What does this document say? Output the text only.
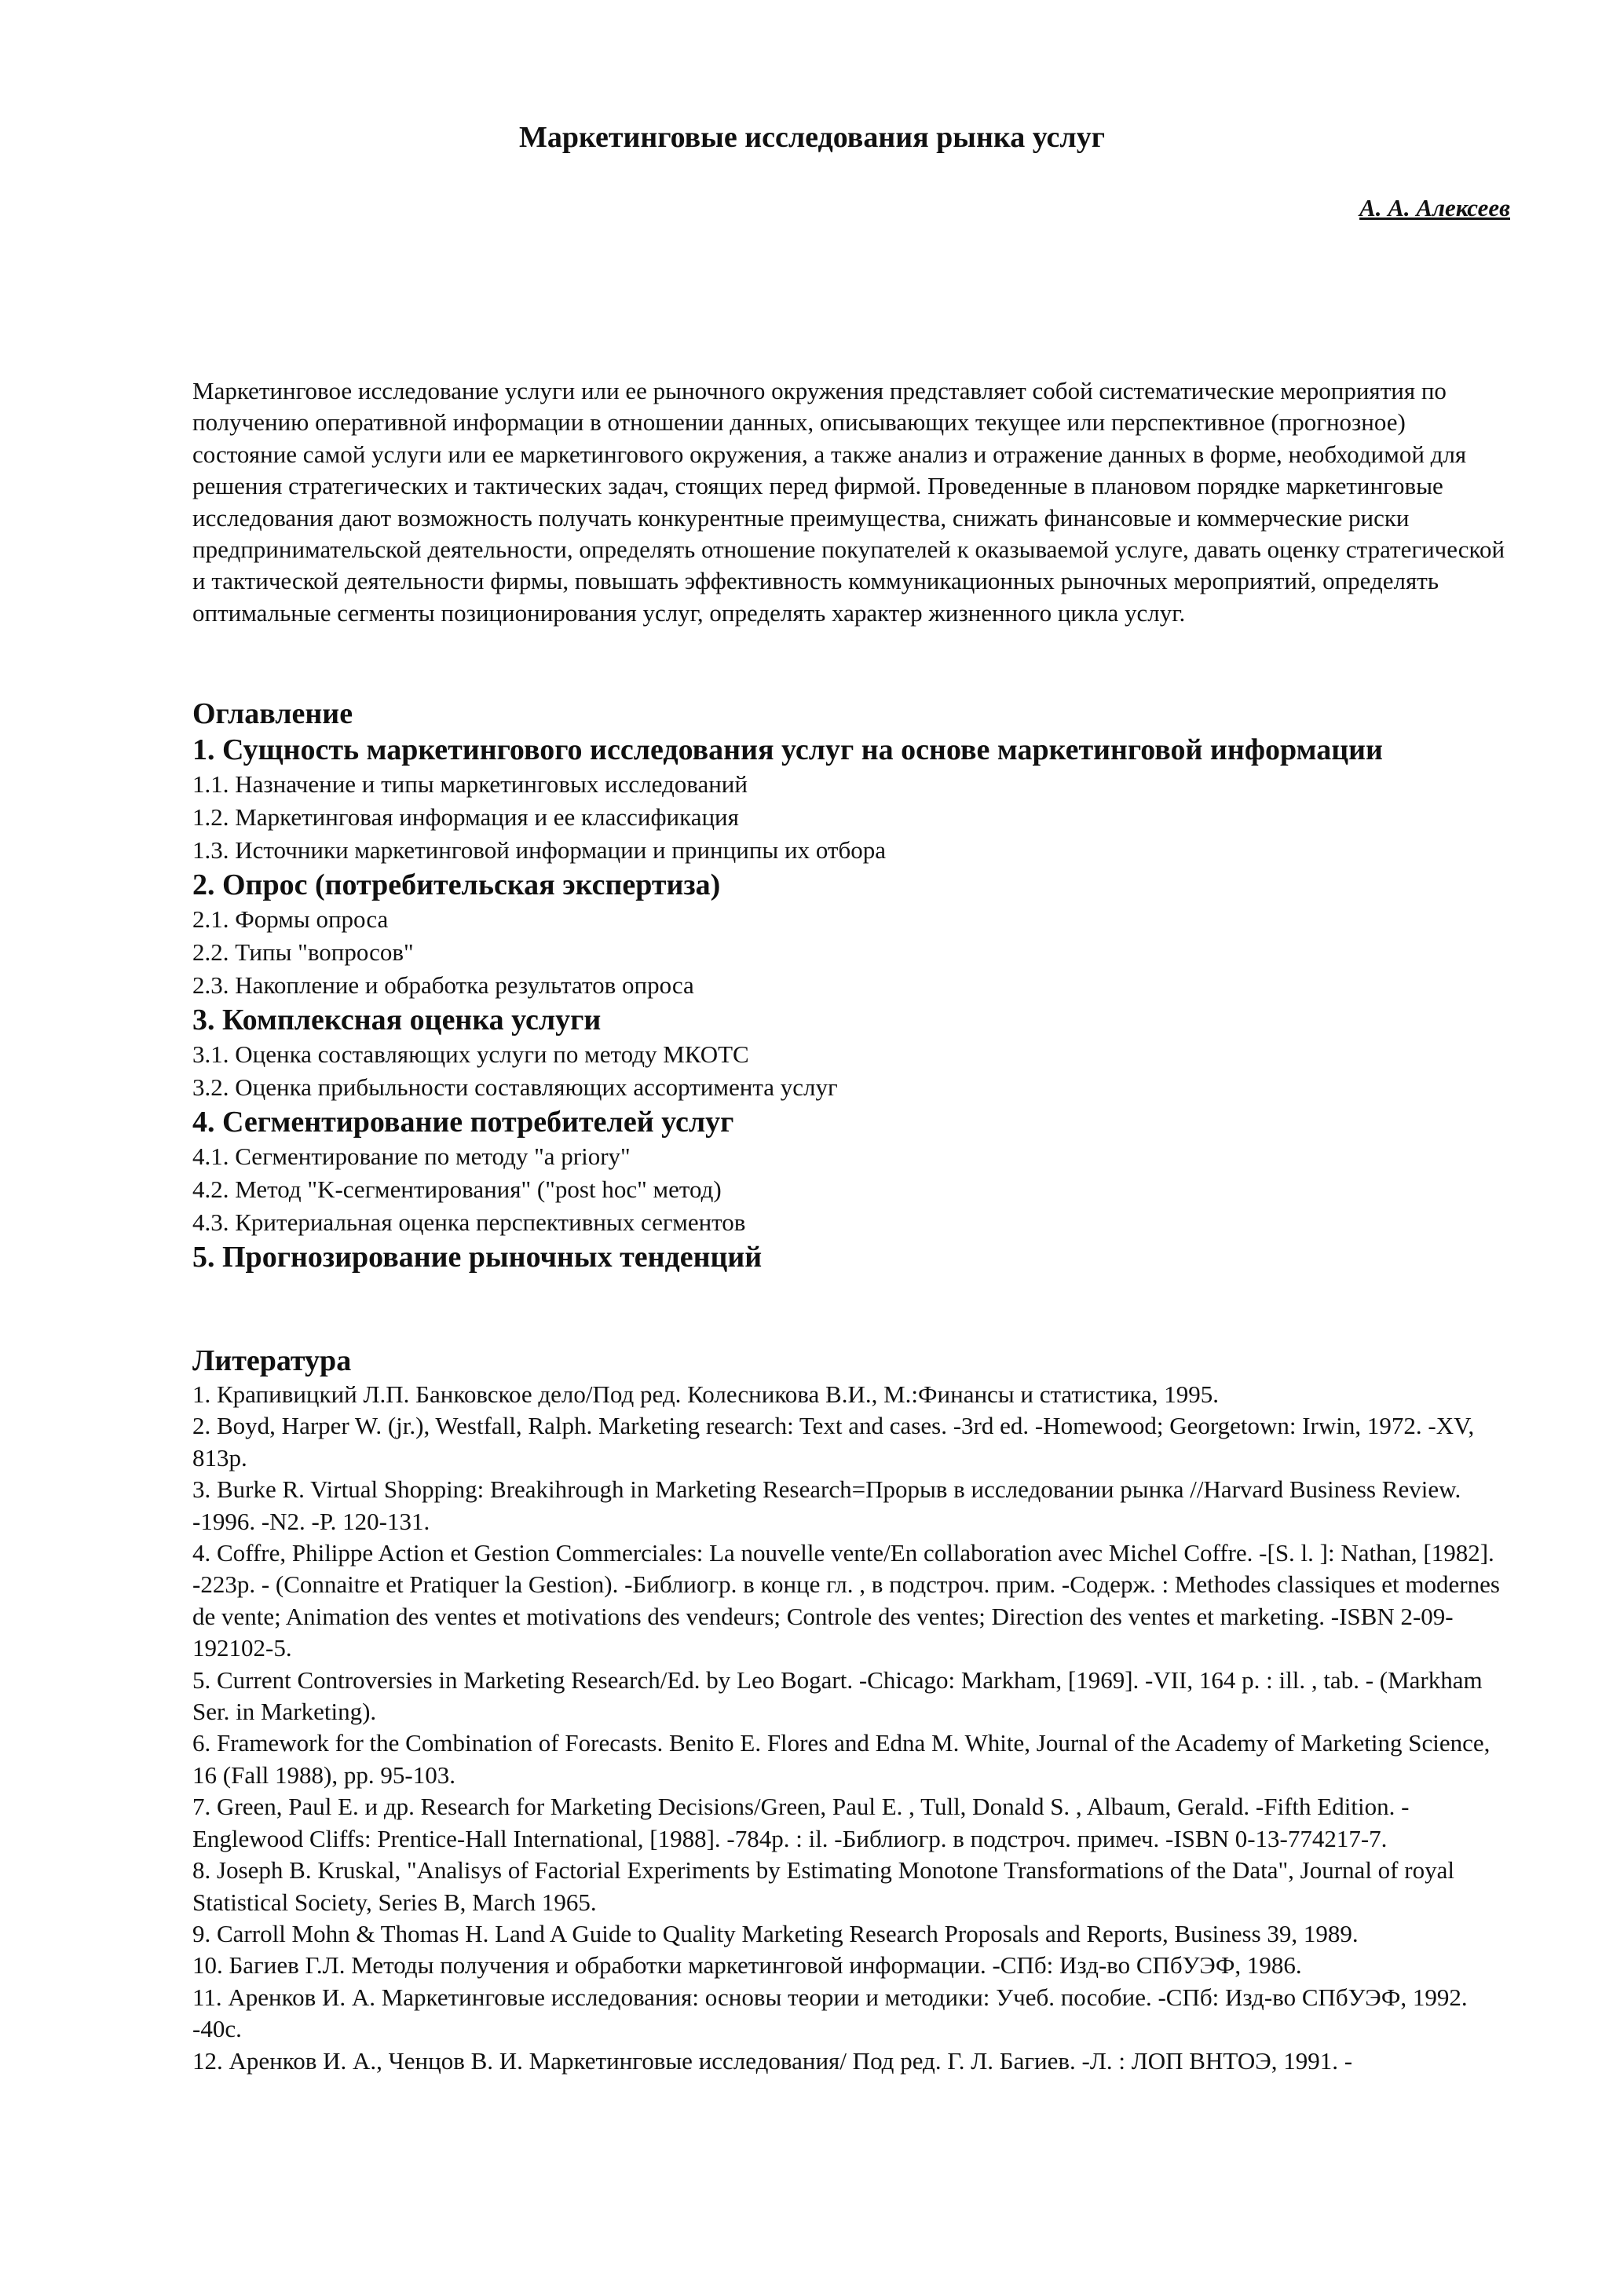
Маркетинговые исследования рынка услуг
А. А. Алексеев
Маркетинговое исследование услуги или ее рыночного окружения представляет собой систематические мероприятия по получению оперативной информации в отношении данных, описывающих текущее или перспективное (прогнозное) состояние самой услуги или ее маркетингового окружения, а также анализ и отражение данных в форме, необходимой для решения стратегических и тактических задач, стоящих перед фирмой. Проведенные в плановом порядке маркетинговые исследования дают возможность получать конкурентные преимущества, снижать финансовые и коммерческие риски предпринимательской деятельности, определять отношение покупателей к оказываемой услуге, давать оценку стратегической и тактической деятельности фирмы, повышать эффективность коммуникационных рыночных мероприятий, определять оптимальные сегменты позиционирования услуг, определять характер жизненного цикла услуг.
Оглавление
1. Сущность маркетингового исследования услуг на основе маркетинговой информации
1.1. Назначение и типы маркетинговых исследований
1.2. Маркетинговая информация и ее классификация
1.3. Источники маркетинговой информации и принципы их отбора
2. Опрос (потребительская экспертиза)
2.1. Формы опроса
2.2. Типы "вопросов"
2.3. Накопление и обработка результатов опроса
3. Комплексная оценка услуги
3.1. Оценка составляющих услуги по методу МКОТС
3.2. Оценка прибыльности составляющих ассортимента услуг
4. Сегментирование потребителей услуг
4.1. Сегментирование по методу "a priory"
4.2. Метод "K-сегментирования" ("post hoc" метод)
4.3. Критериальная оценка перспективных сегментов
5. Прогнозирование рыночных тенденций
Литература
1. Крапивицкий Л.П. Банковское дело/Под ред. Колесникова В.И., М.:Финансы и статистика, 1995.
2. Boyd, Harper W. (jr.), Westfall, Ralph. Marketing research: Text and cases. -3rd ed. -Homewood; Georgetown: Irwin, 1972. -XV, 813p.
3. Burke R. Virtual Shopping: Breakihrough in Marketing Research=Прорыв в исследовании рынка //Harvard Business Review. -1996. -N2. -P. 120-131.
4. Coffre, Philippe Action et Gestion Commerciales: La nouvelle vente/En collaboration avec Michel Coffre. -[S. l. ]: Nathan, [1982]. -223p. - (Connaitre et Pratiquer la Gestion). -Библиогр. в конце гл. , в подстроч. прим. -Содерж. : Methodes classiques et modernes de vente; Animation des ventes et motivations des vendeurs; Controle des ventes; Direction des ventes et marketing. -ISBN 2-09-192102-5.
5. Current Controversies in Marketing Research/Ed. by Leo Bogart. -Chicago: Markham, [1969]. -VII, 164 p. : ill. , tab. - (Markham Ser. in Marketing).
6. Framework for the Combination of Forecasts. Benito E. Flores and Edna M. White, Journal of the Academy of Marketing Science, 16 (Fall 1988), pp. 95-103.
7. Green, Paul E. и др. Research for Marketing Decisions/Green, Paul E. , Tull, Donald S. , Albaum, Gerald. -Fifth Edition. -Englewood Cliffs: Prentice-Hall International, [1988]. -784p. : il. -Библиогр. в подстроч. примеч. -ISBN 0-13-774217-7.
8. Joseph B. Kruskal, "Analisys of Factorial Experiments by Estimating Monotone Transformations of the Data", Journal of royal Statistical Society, Series B, March 1965.
9. Carroll Mohn & Thomas H. Land A Guide to Quality Marketing Research Proposals and Reports, Business 39, 1989.
10. Багиев Г.Л. Методы получения и обработки маркетинговой информации. -СПб: Изд-во СПбУЭФ, 1986.
11. Аренков И. А. Маркетинговые исследования: основы теории и методики: Учеб. пособие. -СПб: Изд-во СПбУЭФ, 1992. -40с.
12. Аренков И. А., Ченцов В. И. Маркетинговые исследования/ Под ред. Г. Л. Багиев. -Л. : ЛОП ВНТОЭ, 1991. -
